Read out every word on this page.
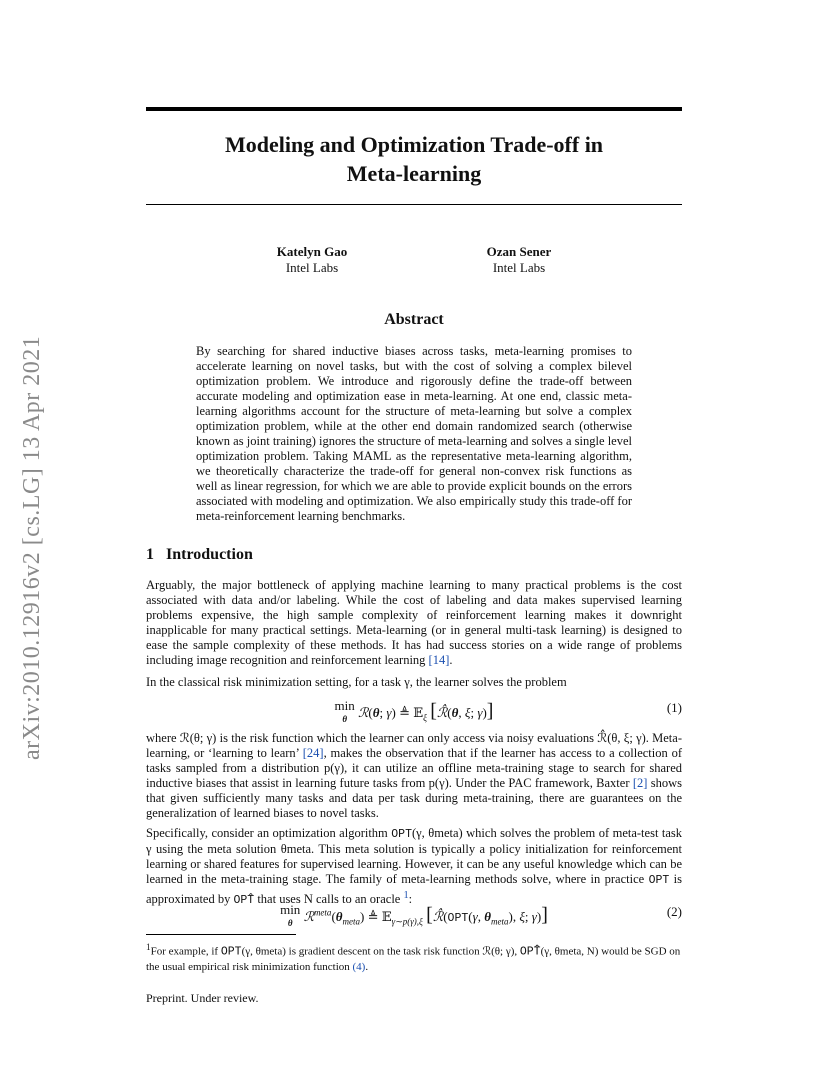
arXiv:2010.12916v2 [cs.LG] 13 Apr 2021
Modeling and Optimization Trade-off in
Meta-learning
Katelyn Gao
Intel Labs
Ozan Sener
Intel Labs
Abstract

By searching for shared inductive biases across tasks, meta-learning promises to accelerate learning on novel tasks, but with the cost of solving a complex bilevel optimization problem. We introduce and rigorously define the trade-off between accurate modeling and optimization ease in meta-learning. At one end, classic meta-learning algorithms account for the structure of meta-learning but solve a complex optimization problem, while at the other end domain randomized search (otherwise known as joint training) ignores the structure of meta-learning and solves a single level optimization problem. Taking MAML as the representative meta-learning algorithm, we theoretically characterize the trade-off for general non-convex risk functions as well as linear regression, for which we are able to provide explicit bounds on the errors associated with modeling and optimization. We also empirically study this trade-off for meta-reinforcement learning benchmarks.

1 Introduction

Arguably, the major bottleneck of applying machine learning to many practical problems is the cost associated with data and/or labeling. While the cost of labeling and data makes supervised learning problems expensive, the high sample complexity of reinforcement learning makes it downright inapplicable for many practical settings. Meta-learning (or in general multi-task learning) is designed to ease the sample complexity of these methods. It has had success stories on a wide range of problems including image recognition and reinforcement learning [14].

In the classical risk minimization setting, for a task γ, the learner solves the problem

min
θ ℛ(θ; γ) ≜ 𝔼$_\xi$ [ℛ̂(θ, ξ; γ)]	(1)

where ℛ(θ; γ) is the risk function which the learner can only access via noisy evaluations ℛ̂(θ, ξ; γ). Meta-learning, or ‘learning to learn’ [24], makes the observation that if the learner has access to a collection of tasks sampled from a distribution p(γ), it can utilize an offline meta-training stage to search for shared inductive biases that assist in learning future tasks from p(γ). Under the PAC framework, Baxter [2] shows that given sufficiently many tasks and data per task during meta-training, there are guarantees on the generalization of learned biases to novel tasks.

Specifically, consider an optimization algorithm OPT(γ, θmeta) which solves the problem of meta-test task γ using the meta solution θmeta. This meta solution is typically a policy initialization for reinforcement learning or shared features for supervised learning. However, it can be any useful knowledge which can be learned in the meta-training stage. The family of meta-learning methods solve, where in practice OPT is approximated by OPT̂ that uses N calls to an oracle $^1$:

min
θ $ℛ^{meta}(\theta_{meta})$ ≜ 𝔼$_{\gamma\sim p(\gamma),\xi}$ [ℛ̂(OPT(γ, $\theta_{meta}$), ξ; γ)]	(2)

$^1$For example, if OPT(γ, θmeta) is gradient descent on the task risk function ℛ(θ; γ), OPT̂(γ, θmeta, N) would be SGD on the usual empirical risk minimization function (4).

Preprint. Under review.
